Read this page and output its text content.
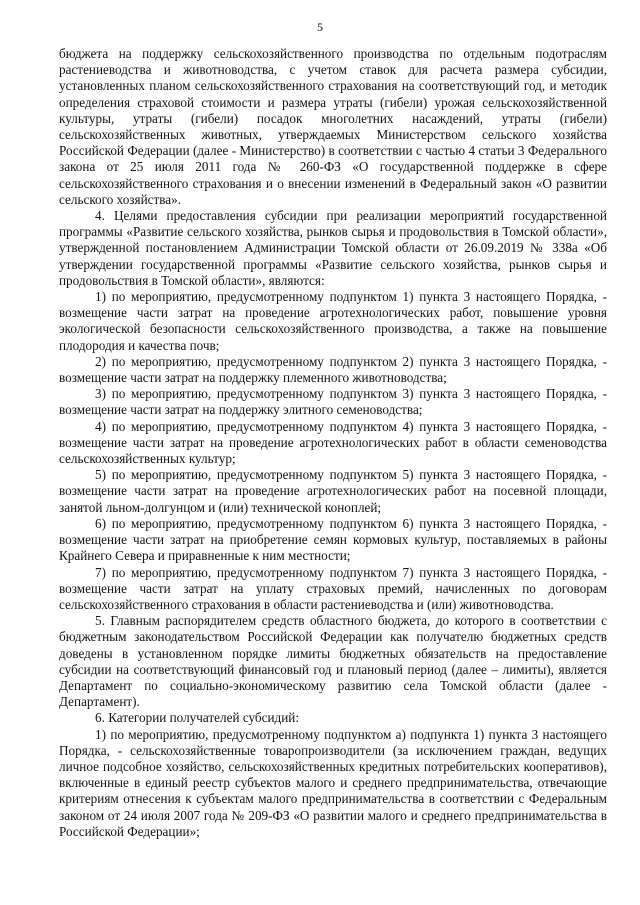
5

бюджета на поддержку сельскохозяйственного производства по отдельным подотраслям растениеводства и животноводства, с учетом ставок для расчета размера субсидии, установленных планом сельскохозяйственного страхования на соответствующий год, и методик определения страховой стоимости и размера утраты (гибели) урожая сельскохозяйственной культуры, утраты (гибели) посадок многолетних насаждений, утраты (гибели) сельскохозяйственных животных, утверждаемых Министерством сельского хозяйства Российской Федерации (далее - Министерство) в соответствии с частью 4 статьи 3 Федерального закона от 25 июля 2011 года № 260-ФЗ «О государственной поддержке в сфере сельскохозяйственного страхования и о внесении изменений в Федеральный закон «О развитии сельского хозяйства».

4. Целями предоставления субсидии при реализации мероприятий государственной программы «Развитие сельского хозяйства, рынков сырья и продовольствия в Томской области», утвержденной постановлением Администрации Томской области от 26.09.2019 № 338а «Об утверждении государственной программы «Развитие сельского хозяйства, рынков сырья и продовольствия в Томской области», являются:

1) по мероприятию, предусмотренному подпунктом 1) пункта 3 настоящего Порядка, - возмещение части затрат на проведение агротехнологических работ, повышение уровня экологической безопасности сельскохозяйственного производства, а также на повышение плодородия и качества почв;

2) по мероприятию, предусмотренному подпунктом 2) пункта 3 настоящего Порядка, - возмещение части затрат на поддержку племенного животноводства;

3) по мероприятию, предусмотренному подпунктом 3) пункта 3 настоящего Порядка, - возмещение части затрат на поддержку элитного семеноводства;

4) по мероприятию, предусмотренному подпунктом 4) пункта 3 настоящего Порядка, - возмещение части затрат на проведение агротехнологических работ в области семеноводства сельскохозяйственных культур;

5) по мероприятию, предусмотренному подпунктом 5) пункта 3 настоящего Порядка, - возмещение части затрат на проведение агротехнологических работ на посевной площади, занятой льном-долгунцом и (или) технической коноплей;

6) по мероприятию, предусмотренному подпунктом 6) пункта 3 настоящего Порядка, - возмещение части затрат на приобретение семян кормовых культур, поставляемых в районы Крайнего Севера и приравненные к ним местности;

7) по мероприятию, предусмотренному подпунктом 7) пункта 3 настоящего Порядка, - возмещение части затрат на уплату страховых премий, начисленных по договорам сельскохозяйственного страхования в области растениеводства и (или) животноводства.

5. Главным распорядителем средств областного бюджета, до которого в соответствии с бюджетным законодательством Российской Федерации как получателю бюджетных средств доведены в установленном порядке лимиты бюджетных обязательств на предоставление субсидии на соответствующий финансовый год и плановый период (далее – лимиты), является Департамент по социально-экономическому развитию села Томской области (далее - Департамент).

6. Категории получателей субсидий:

1) по мероприятию, предусмотренному подпунктом а) подпункта 1) пункта 3 настоящего Порядка, - сельскохозяйственные товаропроизводители (за исключением граждан, ведущих личное подсобное хозяйство, сельскохозяйственных кредитных потребительских кооперативов), включенные в единый реестр субъектов малого и среднего предпринимательства, отвечающие критериям отнесения к субъектам малого предпринимательства в соответствии с Федеральным законом от 24 июля 2007 года № 209-ФЗ «О развитии малого и среднего предпринимательства в Российской Федерации»;
